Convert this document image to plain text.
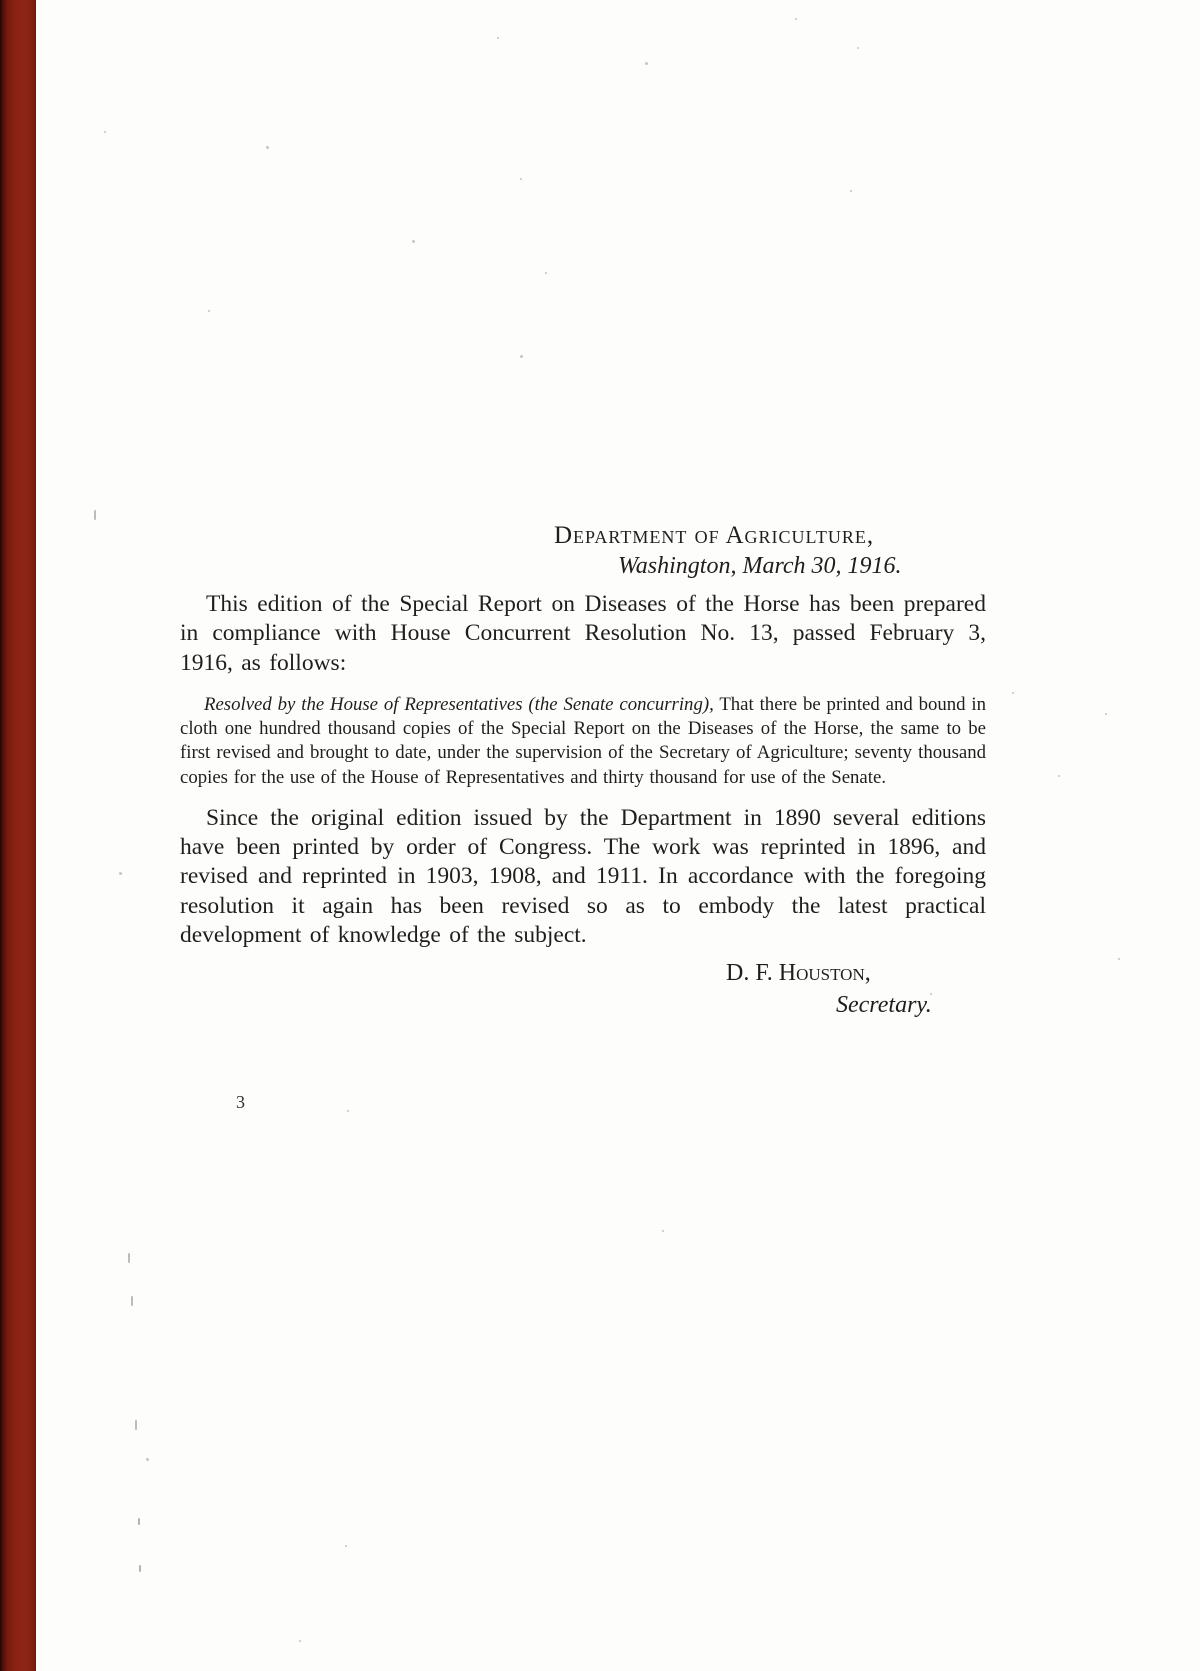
Department of Agriculture,
Washington, March 30, 1916.

This edition of the Special Report on Diseases of the Horse has been prepared in compliance with House Concurrent Resolution No. 13, passed February 3, 1916, as follows:

Resolved by the House of Representatives (the Senate concurring), That there be printed and bound in cloth one hundred thousand copies of the Special Report on the Diseases of the Horse, the same to be first revised and brought to date, under the supervision of the Secretary of Agriculture; seventy thousand copies for the use of the House of Representatives and thirty thousand for use of the Senate.

Since the original edition issued by the Department in 1890 several editions have been printed by order of Congress. The work was reprinted in 1896, and revised and reprinted in 1903, 1908, and 1911. In accordance with the foregoing resolution it again has been revised so as to embody the latest practical development of knowledge of the subject.

D. F. Houston,
Secretary.
3
